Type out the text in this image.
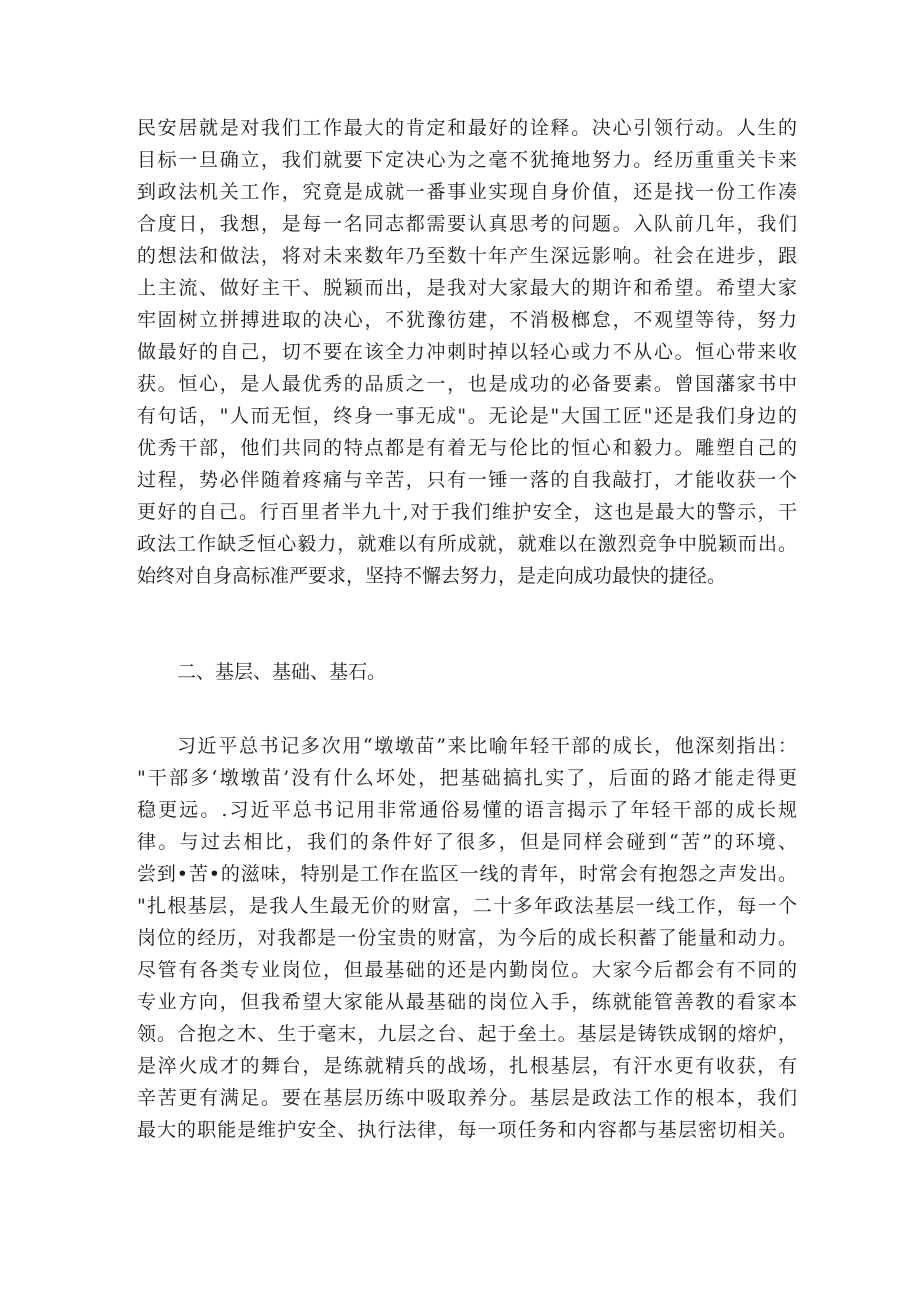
民安居就是对我们工作最大的肯定和最好的诠释。决心引领行动。人生的
目标一旦确立，我们就要下定决心为之毫不犹掩地努力。经历重重关卡来
到政法机关工作，究竟是成就一番事业实现自身价值，还是找一份工作凑
合度日，我想，是每一名同志都需要认真思考的问题。入队前几年，我们
的想法和做法，将对未来数年乃至数十年产生深远影响。社会在进步，跟
上主流、做好主干、脱颖而出，是我对大家最大的期许和希望。希望大家
牢固树立拼搏进取的决心，不犹豫彷建，不消极榔怠，不观望等待，努力
做最好的自己，切不要在该全力冲刺时掉以轻心或力不从心。恒心带来收
获。恒心，是人最优秀的品质之一，也是成功的必备要素。曾国藩家书中
有句话，"人而无恒，终身一事无成"。无论是"大国工匠"还是我们身边的
优秀干部，他们共同的特点都是有着无与伦比的恒心和毅力。雕塑自己的
过程，势必伴随着疼痛与辛苦，只有一锤一落的自我敲打，才能收获一个
更好的自己。行百里者半九十,对于我们维护安全，这也是最大的警示，干
政法工作缺乏恒心毅力，就难以有所成就，就难以在激烈竞争中脱颖而出。
始终对自身高标准严要求，坚持不懈去努力，是走向成功最快的捷径。
二、基层、基础、基石。
习近平总书记多次用“墩墩苗”来比喻年轻干部的成长，他深刻指出：
"干部多‘墩墩苗’没有什么坏处，把基础搞扎实了，后面的路才能走得更
稳更远。.习近平总书记用非常通俗易懂的语言揭示了年轻干部的成长规
律。与过去相比，我们的条件好了很多，但是同样会碰到“苦”的环境、
尝到•苦•的滋味，特别是工作在监区一线的青年，时常会有抱怨之声发出。
"扎根基层，是我人生最无价的财富，二十多年政法基层一线工作，每一个
岗位的经历，对我都是一份宝贵的财富，为今后的成长积蓄了能量和动力。
尽管有各类专业岗位，但最基础的还是内勤岗位。大家今后都会有不同的
专业方向，但我希望大家能从最基础的岗位入手，练就能管善教的看家本
领。合抱之木、生于毫末，九层之台、起于垒土。基层是铸铁成钢的熔炉，
是淬火成才的舞台，是练就精兵的战场，扎根基层，有汗水更有收获，有
辛苦更有满足。要在基层历练中吸取养分。基层是政法工作的根本，我们
最大的职能是维护安全、执行法律，每一项任务和内容都与基层密切相关。
